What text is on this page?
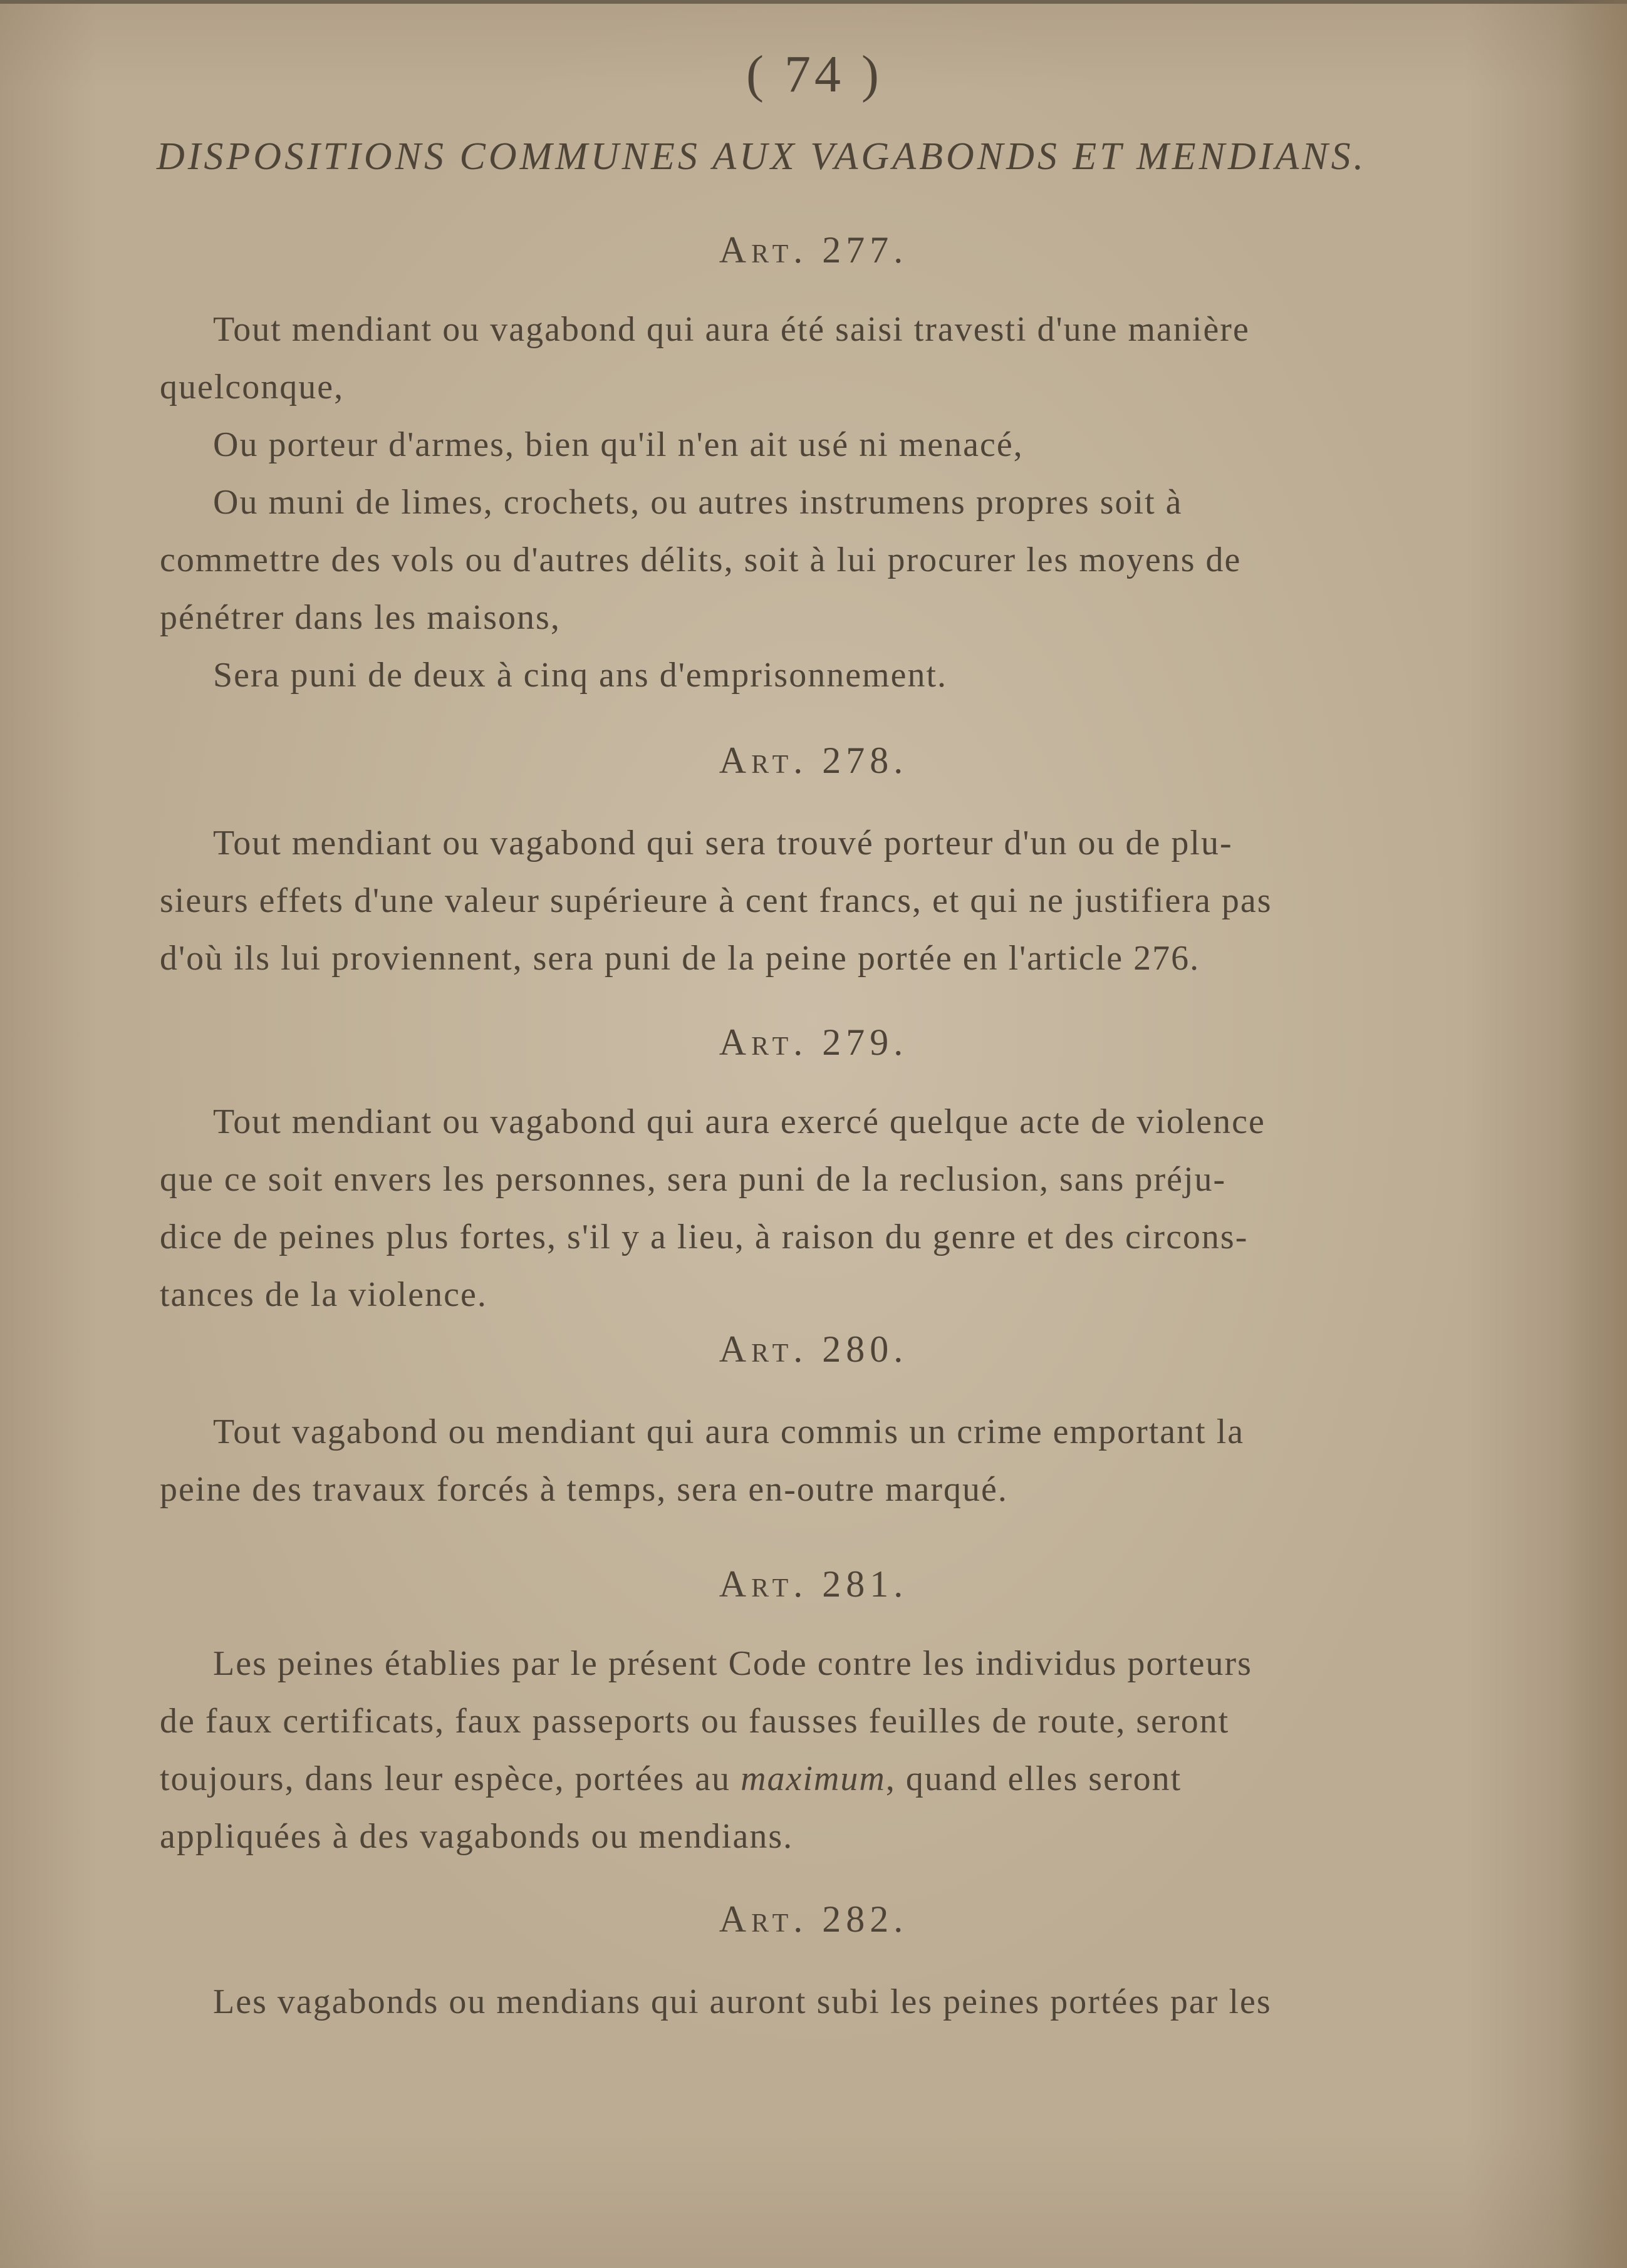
( 74 )
DISPOSITIONS COMMUNES AUX VAGABONDS ET MENDIANS.
Art. 277.
Tout mendiant ou vagabond qui aura été saisi travesti d'une manière
quelconque,
Ou porteur d'armes, bien qu'il n'en ait usé ni menacé,
Ou muni de limes, crochets, ou autres instrumens propres soit à
commettre des vols ou d'autres délits, soit à lui procurer les moyens de
pénétrer dans les maisons,
Sera puni de deux à cinq ans d'emprisonnement.
Art. 278.
Tout mendiant ou vagabond qui sera trouvé porteur d'un ou de plu-
sieurs effets d'une valeur supérieure à cent francs, et qui ne justifiera pas
d'où ils lui proviennent, sera puni de la peine portée en l'article 276.
Art. 279.
Tout mendiant ou vagabond qui aura exercé quelque acte de violence
que ce soit envers les personnes, sera puni de la reclusion, sans préju-
dice de peines plus fortes, s'il y a lieu, à raison du genre et des circons-
tances de la violence.
Art. 280.
Tout vagabond ou mendiant qui aura commis un crime emportant la
peine des travaux forcés à temps, sera en-outre marqué.
Art. 281.
Les peines établies par le présent Code contre les individus porteurs
de faux certificats, faux passeports ou fausses feuilles de route, seront
toujours, dans leur espèce, portées au maximum, quand elles seront
appliquées à des vagabonds ou mendians.
Art. 282.
Les vagabonds ou mendians qui auront subi les peines portées par les
